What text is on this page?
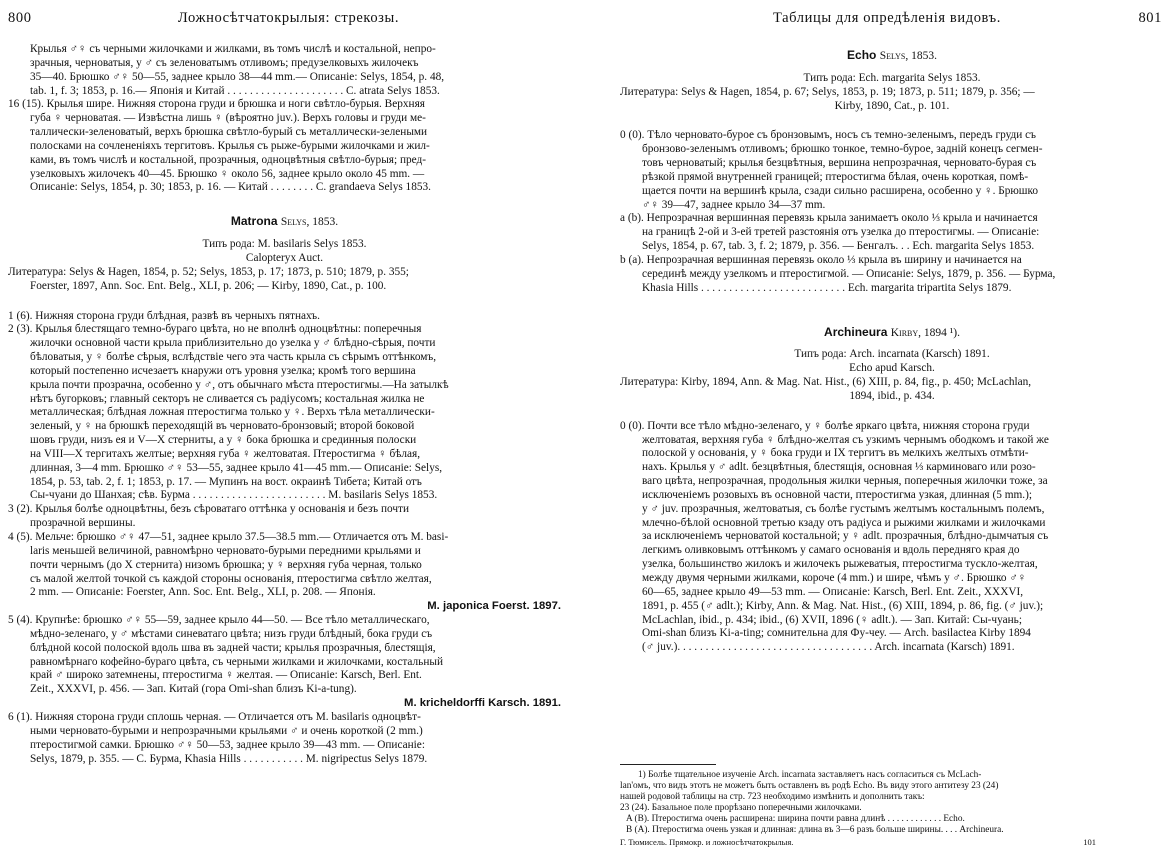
800	Ложносѣтчатокрылыя: стрекозы.
Крылья ♂♀ съ черными жилочками и жилками, въ томъ числѣ и костальной, непро-
зрачныя, черноватыя, у ♂ съ зеленоватымъ отливомъ; предузелковыхъ жилочекъ
35—40. Брюшко ♂♀ 50—55, заднее крыло 38—44 mm.— Описаніе: Selys, 1854, p. 48,
tab. 1, f. 3; 1853, p. 16.— Японія и Китай . . . . . . . . . . . . . . . . . . . . . C. atrata Selys 1853.
16 (15). Крылья шире. Нижняя сторона груди и брюшка и ноги свѣтло-бурыя. Верхняя
губа ♀ черноватая. — Извѣстна лишь ♀ (вѣроятно juv.). Верхъ головы и груди ме-
таллически-зеленоватый, верхъ брюшка свѣтло-бурый съ металлически-зелеными
полосками на сочлененіяхъ тергитовъ. Крылья съ рыже-бурыми жилочками и жил-
ками, въ томъ числѣ и костальной, прозрачныя, одноцвѣтныя свѣтло-бурыя; пред-
узелковыхъ жилочекъ 40—45. Брюшко ♀ около 56, заднее крыло около 45 mm. —
Описаніе: Selys, 1854, p. 30; 1853, p. 16. — Китай . . . . . . . . C. grandaeva Selys 1853.
Matrona Selys, 1853.
Типъ рода: M. basilaris Selys 1853.
Calopteryx Auct.
Литература: Selys & Hagen, 1854, p. 52; Selys, 1853, p. 17; 1873, p. 510; 1879, p. 355;
Foerster, 1897, Ann. Soc. Ent. Belg., XLI, p. 206; — Kirby, 1890, Cat., p. 100.
1 (6). Нижняя сторона груди блѣдная, развѣ въ черныхъ пятнахъ.
2 (3). Крылья блестящаго темно-бураго цвѣта, но не вполнѣ одноцвѣтны: поперечныя
жилочки основной части крыла приблизительно до узелка у ♂ блѣдно-сѣрыя, почти
бѣловатыя, у ♀ болѣе сѣрыя, вслѣдствіе чего эта часть крыла съ сѣрымъ оттѣнкомъ,
который постепенно исчезаетъ кнаружи отъ уровня узелка; кромѣ того вершина
крыла почти прозрачна, особенно у ♂, отъ обычнаго мѣста птеростигмы.—На затылкѣ
нѣтъ бугорковъ; главный секторъ не сливается съ радіусомъ; костальная жилка не
металлическая; блѣдная ложная птеростигма только у ♀. Верхъ тѣла металлически-
зеленый, у ♀ на брюшкѣ переходящій въ черновато-бронзовый; второй боковой
шовъ груди, низъ ея и V—X стерниты, а у ♀ бока брюшка и срединныя полоски
на VIII—X тергитахъ желтые; верхняя губа ♀ желтоватая. Птеростигма ♀ бѣлая,
длинная, 3—4 mm. Брюшко ♂♀ 53—55, заднее крыло 41—45 mm.— Описаніе: Selys,
1854, p. 53, tab. 2, f. 1; 1853, p. 17. — Мупинъ на вост. окраинѣ Тибета; Китай отъ
Сы-чуани до Шанхая; сѣв. Бурма . . . . . . . . . . . . . . . . . . . . . . . . M. basilaris Selys 1853.
3 (2). Крылья болѣе одноцвѣтны, безъ сѣроватаго оттѣнка у основанія и безъ почти
прозрачной вершины.
4 (5). Мельче: брюшко ♂♀ 47—51, заднее крыло 37.5—38.5 mm.— Отличается отъ M. basi-
laris меньшей величиной, равномѣрно черновато-бурыми передними крыльями и
почти чернымъ (до X стернита) низомъ брюшка; у ♀ верхняя губа черная, только
съ малой желтой точкой съ каждой стороны основанія, птеростигма свѣтло желтая,
2 mm. — Описаніе: Foerster, Ann. Soc. Ent. Belg., XLI, p. 208. — Японія.
M. japonica Foerst. 1897.
5 (4). Крупнѣе: брюшко ♂♀ 55—59, заднее крыло 44—50. — Все тѣло металлическаго,
мѣдно-зеленаго, у ♂ мѣстами синеватаго цвѣта; низъ груди блѣдный, бока груди съ
блѣдной косой полоской вдоль шва въ задней части; крылья прозрачныя, блестящія,
равномѣрнаго кофейно-бураго цвѣта, съ черными жилками и жилочками, костальный
край ♂ широко затемнены, птеростигма ♀ желтая. — Описаніе: Karsch, Berl. Ent.
Zeit., XXXVI, p. 456. — Зап. Китай (гора Omi-shan близъ Ki-a-tung).
M. kricheldorffi Karsch. 1891.
6 (1). Нижняя сторона груди сплошь черная. — Отличается отъ M. basilaris одноцвѣт-
ными черновато-бурыми и непрозрачными крыльями ♂ и очень короткой (2 mm.)
птеростигмой самки. Брюшко ♂♀ 50—53, заднее крыло 39—43 mm. — Описаніе:
Selys, 1879, p. 355. — С. Бурма, Khasia Hills . . . . . . . . . . . M. nigripectus Selys 1879.
Таблицы для опредѣленія видовъ.	801
Echo Selys, 1853.
Типъ рода: Ech. margarita Selys 1853.
Литература: Selys & Hagen, 1854, p. 67; Selys, 1853, p. 19; 1873, p. 511; 1879, p. 356; —
Kirby, 1890, Cat., p. 101.
0 (0). Тѣло черновато-бурое съ бронзовымъ, носъ съ темно-зеленымъ, передъ груди съ
бронзово-зеленымъ отливомъ; брюшко тонкое, темно-бурое, задній конецъ сегмен-
товъ черноватый; крылья безцвѣтныя, вершина непрозрачная, черновато-бурая съ
рѣзкой прямой внутренней границей; птеростигма бѣлая, очень короткая, помѣ-
щается почти на вершинѣ крыла, сзади сильно расширена, особенно у ♀. Брюшко
♂♀ 39—47, заднее крыло 34—37 mm.
a (b). Непрозрачная вершинная перевязь крыла занимаетъ около ⅓ крыла и начинается
на границѣ 2-ой и 3-ей третей разстоянія отъ узелка до птеростигмы. — Описаніе:
Selys, 1854, p. 67, tab. 3, f. 2; 1879, p. 356. — Бенгалъ. . . Ech. margarita Selys 1853.
b (a). Непрозрачная вершинная перевязь около ⅓ крыла въ ширину и начинается на
серединѣ между узелкомъ и птеростигмой. — Описаніе: Selys, 1879, p. 356. — Бурма,
Khasia Hills . . . . . . . . . . . . . . . . . . . . . . . . . . Ech. margarita tripartita Selys 1879.
Archineura Kirby, 1894 ¹).
Типъ рода: Arch. incarnata (Karsch) 1891.
Echo apud Karsch.
Литература: Kirby, 1894, Ann. & Mag. Nat. Hist., (6) XIII, p. 84, fig., p. 450; McLachlan,
1894, ibid., p. 434.
0 (0). Почти все тѣло мѣдно-зеленаго, у ♀ болѣе яркаго цвѣта, нижняя сторона груди
желтоватая, верхняя губа ♀ блѣдно-желтая съ узкимъ чернымъ ободкомъ и такой же
полоской у основанія, у ♀ бока груди и IX тергитъ въ мелкихъ желтыхъ отмѣти-
нахъ. Крылья у ♂ adlt. безцвѣтныя, блестящія, основная ⅓ карминоваго или розо-
ваго цвѣта, непрозрачная, продольныя жилки черныя, поперечныя жилочки тоже, за
исключеніемъ розовыхъ въ основной части, птеростигма узкая, длинная (5 mm.);
у ♂ juv. прозрачныя, желтоватыя, съ болѣе густымъ желтымъ костальнымъ полемъ,
млечно-бѣлой основной третью кзаду отъ радіуса и рыжими жилками и жилочками
за исключеніемъ черноватой костальной; у ♀ adlt. прозрачныя, блѣдно-дымчатыя съ
легкимъ оливковымъ оттѣнкомъ у самаго основанія и вдоль передняго края до
узелка, большинство жилокъ и жилочекъ рыжеватыя, птеростигма тускло-желтая,
между двумя черными жилками, короче (4 mm.) и шире, чѣмъ у ♂. Брюшко ♂♀
60—65, заднее крыло 49—53 mm. — Описаніе: Karsch, Berl. Ent. Zeit., XXXVI,
1891, p. 455 (♂ adlt.); Kirby, Ann. & Mag. Nat. Hist., (6) XIII, 1894, p. 86, fig. (♂ juv.);
McLachlan, ibid., p. 434; ibid., (6) XVII, 1896 (♀ adlt.). — Зап. Китай: Сы-чуань;
Omi-shan близъ Ki-a-ting; сомнительна для Фу-чеу. — Arch. basilactea Kirby 1894
(♂ juv.). . . . . . . . . . . . . . . . . . . . . . . . . . . . . . . . . . . Arch. incarnata (Karsch) 1891.
1) Болѣе тщательное изученіе Arch. incarnata заставляетъ насъ согласиться съ McLach-
lan'омъ, что видъ этотъ не можетъ быть оставленъ въ родѣ Echo. Въ виду этого антитезу 23 (24)
нашей родовой таблицы на стр. 723 необходимо измѣнить и дополнить такъ:
23 (24). Базальное поле прорѣзано поперечными жилочками.
A (B). Птеростигма очень расширена: ширина почти равна длинѣ . . . . . . . . . . . . Echo.
B (A). Птеростигма очень узкая и длинная: длина въ 3—6 разъ больше ширины. . . . Archineura.
Г. Тюмисель. Прямокр. и ложносѣтчатокрылыя.	101
